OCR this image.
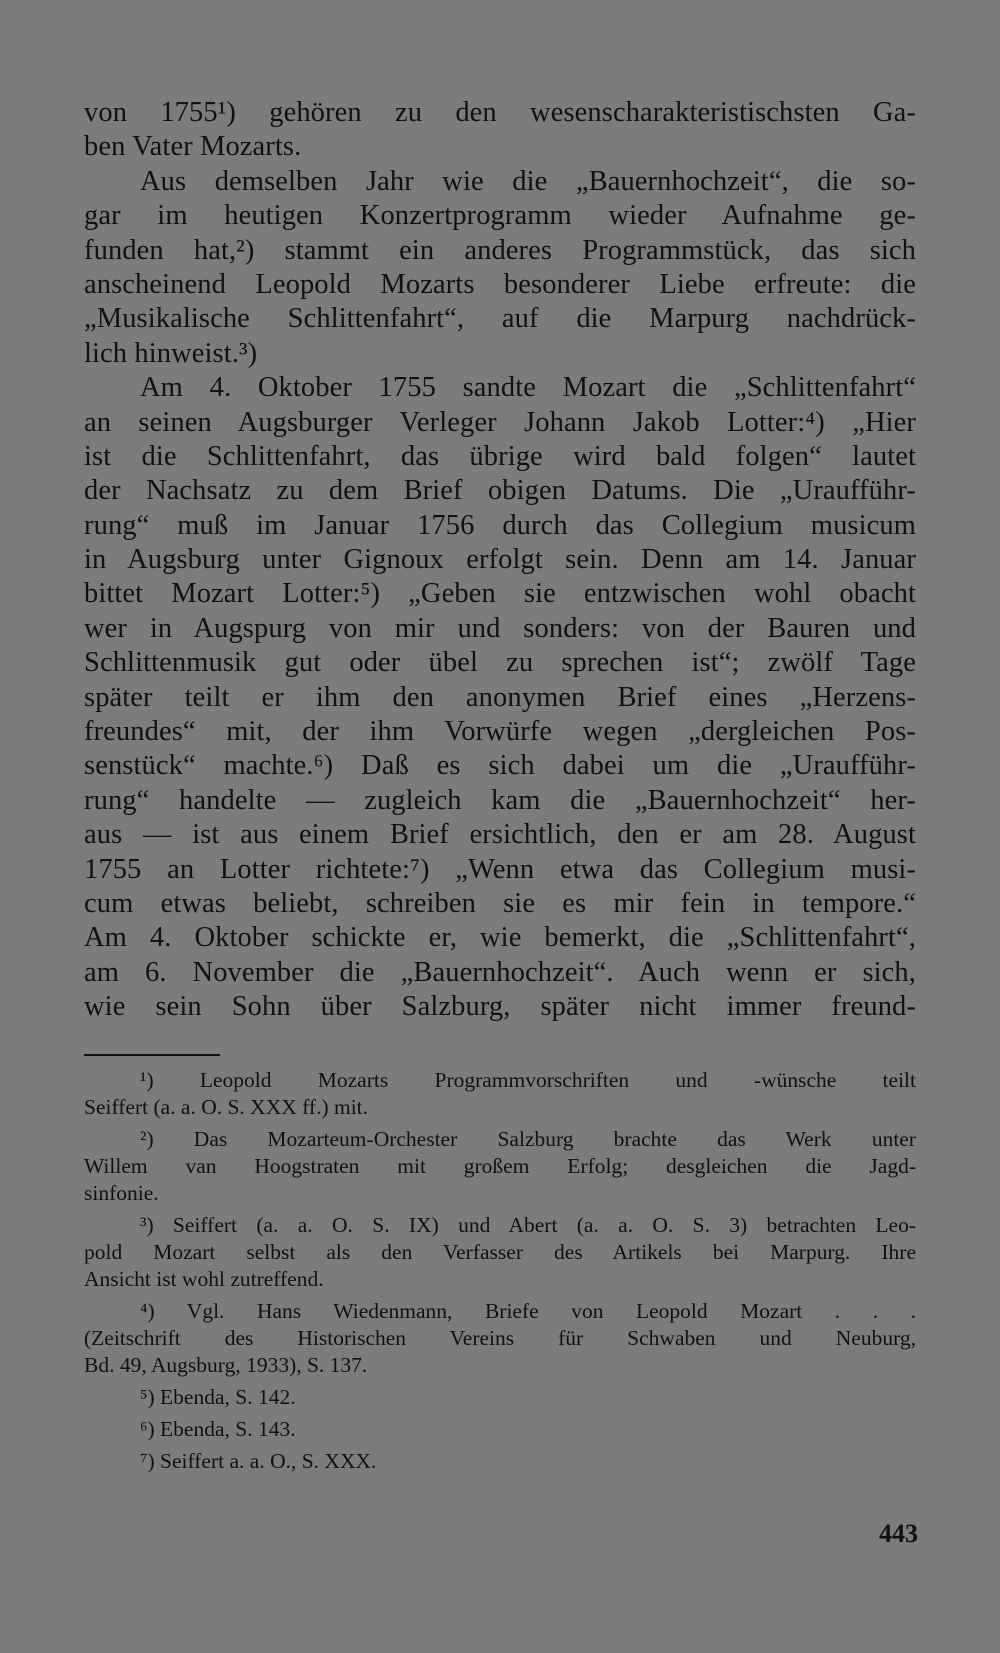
von 1755¹) gehören zu den wesenscharakteristischsten Ga-
ben Vater Mozarts.
Aus demselben Jahr wie die „Bauernhochzeit“, die so-
gar im heutigen Konzertprogramm wieder Aufnahme ge-
funden hat,²) stammt ein anderes Programmstück, das sich
anscheinend Leopold Mozarts besonderer Liebe erfreute: die
„Musikalische Schlittenfahrt“, auf die Marpurg nachdrück-
lich hinweist.³)
Am 4. Oktober 1755 sandte Mozart die „Schlittenfahrt“
an seinen Augsburger Verleger Johann Jakob Lotter:⁴) „Hier
ist die Schlittenfahrt, das übrige wird bald folgen“ lautet
der Nachsatz zu dem Brief obigen Datums. Die „Uraufführ-
rung“ muß im Januar 1756 durch das Collegium musicum
in Augsburg unter Gignoux erfolgt sein. Denn am 14. Januar
bittet Mozart Lotter:⁵) „Geben sie entzwischen wohl obacht
wer in Augspurg von mir und sonders: von der Bauren und
Schlittenmusik gut oder übel zu sprechen ist“; zwölf Tage
später teilt er ihm den anonymen Brief eines „Herzens-
freundes“ mit, der ihm Vorwürfe wegen „dergleichen Pos-
senstück“ machte.⁶) Daß es sich dabei um die „Uraufführ-
rung“ handelte — zugleich kam die „Bauernhochzeit“ her-
aus — ist aus einem Brief ersichtlich, den er am 28. August
1755 an Lotter richtete:⁷) „Wenn etwa das Collegium musi-
cum etwas beliebt, schreiben sie es mir fein in tempore.“
Am 4. Oktober schickte er, wie bemerkt, die „Schlittenfahrt“,
am 6. November die „Bauernhochzeit“. Auch wenn er sich,
wie sein Sohn über Salzburg, später nicht immer freund-
¹) Leopold Mozarts Programmvorschriften und -wünsche teilt
Seiffert (a. a. O. S. XXX ff.) mit.
²) Das Mozarteum-Orchester Salzburg brachte das Werk unter
Willem van Hoogstraten mit großem Erfolg; desgleichen die Jagd-
sinfonie.
³) Seiffert (a. a. O. S. IX) und Abert (a. a. O. S. 3) betrachten Leo-
pold Mozart selbst als den Verfasser des Artikels bei Marpurg. Ihre
Ansicht ist wohl zutreffend.
⁴) Vgl. Hans Wiedenmann, Briefe von Leopold Mozart . . .
(Zeitschrift des Historischen Vereins für Schwaben und Neuburg,
Bd. 49, Augsburg, 1933), S. 137.
⁵) Ebenda, S. 142.
⁶) Ebenda, S. 143.
⁷) Seiffert a. a. O., S. XXX.
443
